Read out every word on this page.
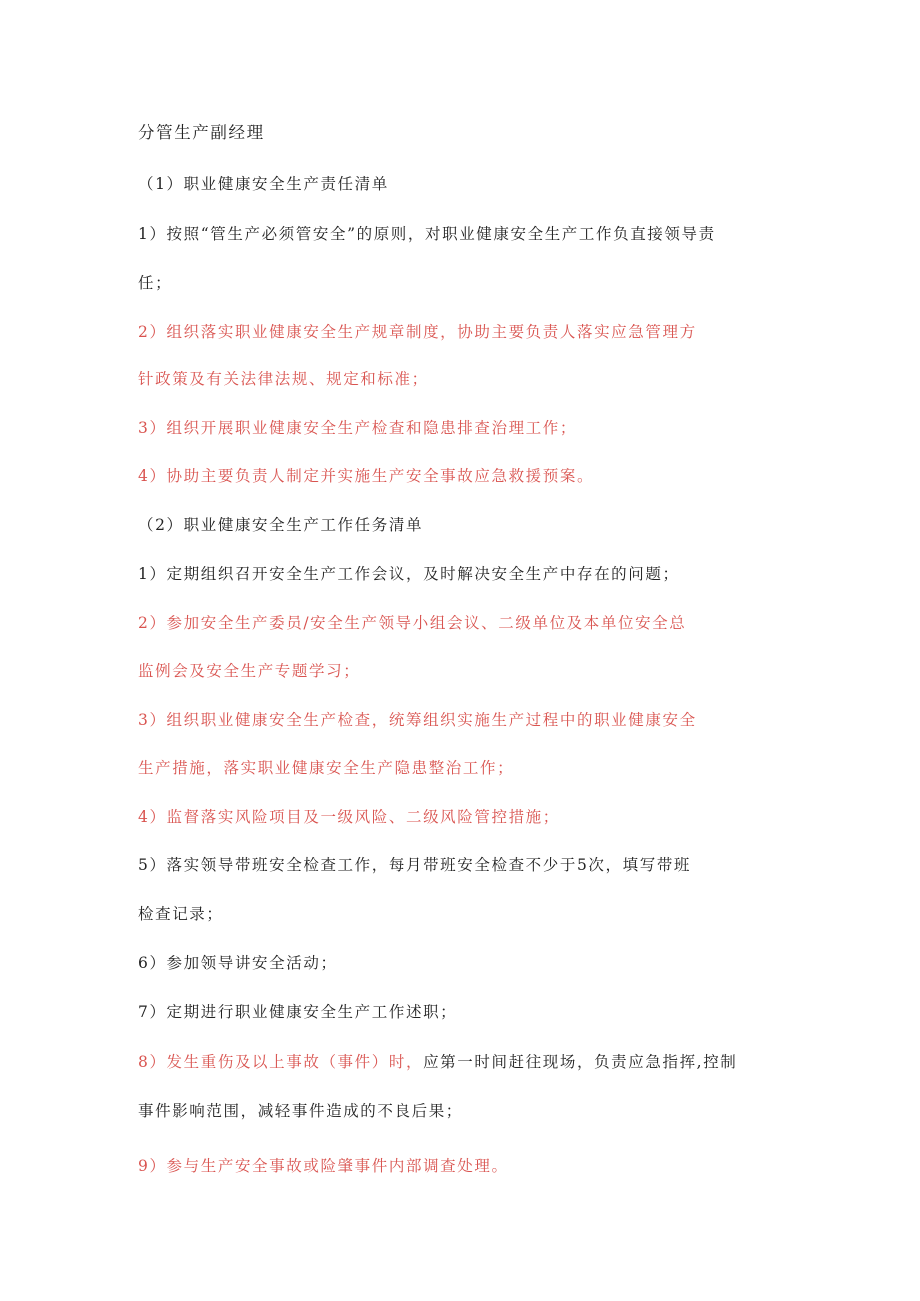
分管生产副经理
（1）职业健康安全生产责任清单
1）按照“管生产必须管安全”的原则，对职业健康安全生产工作负直接领导责
任；
2）组织落实职业健康安全生产规章制度，协助主要负责人落实应急管理方
针政策及有关法律法规、规定和标准；
3）组织开展职业健康安全生产检查和隐患排查治理工作；
4）协助主要负责人制定并实施生产安全事故应急救援预案。
（2）职业健康安全生产工作任务清单
1）定期组织召开安全生产工作会议，及时解决安全生产中存在的问题；
2）参加安全生产委员/安全生产领导小组会议、二级单位及本单位安全总
监例会及安全生产专题学习；
3）组织职业健康安全生产检查，统筹组织实施生产过程中的职业健康安全
生产措施，落实职业健康安全生产隐患整治工作；
4）监督落实风险项目及一级风险、二级风险管控措施；
5）落实领导带班安全检查工作，每月带班安全检查不少于5次，填写带班
检查记录；
6）参加领导讲安全活动；
7）定期进行职业健康安全生产工作述职；
8）发生重伤及以上事故（事件）时，应第一时间赶往现场，负责应急指挥,控制
事件影响范围，减轻事件造成的不良后果；
9）参与生产安全事故或险肇事件内部调查处理。
